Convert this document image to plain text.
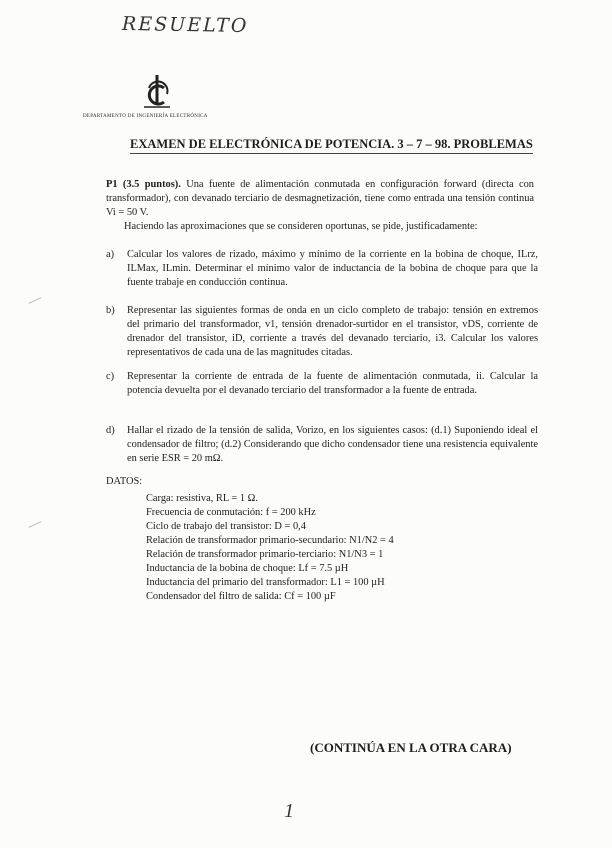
RESUELTO
DEPARTAMENTO DE INGENIERÍA ELECTRÓNICA
EXAMEN DE ELECTRÓNICA DE POTENCIA. 3 – 7 – 98. PROBLEMAS
P1 (3.5 puntos). Una fuente de alimentación conmutada en configuración forward (directa con transformador), con devanado terciario de desmagnetización, tiene como entrada una tensión continua Vi = 50 V.
Haciendo las aproximaciones que se consideren oportunas, se pide, justificadamente:
a) Calcular los valores de rizado, máximo y mínimo de la corriente en la bobina de choque, ILrz, ILMax, ILmin. Determinar el mínimo valor de inductancia de la bobina de choque para que la fuente trabaje en conducción continua.
b) Representar las siguientes formas de onda en un ciclo completo de trabajo: tensión en extremos del primario del transformador, v1, tensión drenador-surtidor en el transistor, vDS, corriente de drenador del transistor, iD, corriente a través del devanado terciario, i3. Calcular los valores representativos de cada una de las magnitudes citadas.
c) Representar la corriente de entrada de la fuente de alimentación conmutada, ii. Calcular la potencia devuelta por el devanado terciario del transformador a la fuente de entrada.
d) Hallar el rizado de la tensión de salida, Vorizo, en los siguientes casos: (d.1) Suponiendo ideal el condensador de filtro; (d.2) Considerando que dicho condensador tiene una resistencia equivalente en serie ESR = 20 mΩ.
DATOS:
Carga: resistiva, RL = 1 Ω.
Frecuencia de conmutación: f = 200 kHz
Ciclo de trabajo del transistor: D = 0,4
Relación de transformador primario-secundario: N1/N2 = 4
Relación de transformador primario-terciario: N1/N3 = 1
Inductancia de la bobina de choque: Lf = 7.5 µH
Inductancia del primario del transformador: L1 = 100 µH
Condensador del filtro de salida: Cf = 100 µF
(CONTINÚA EN LA OTRA CARA)
1
